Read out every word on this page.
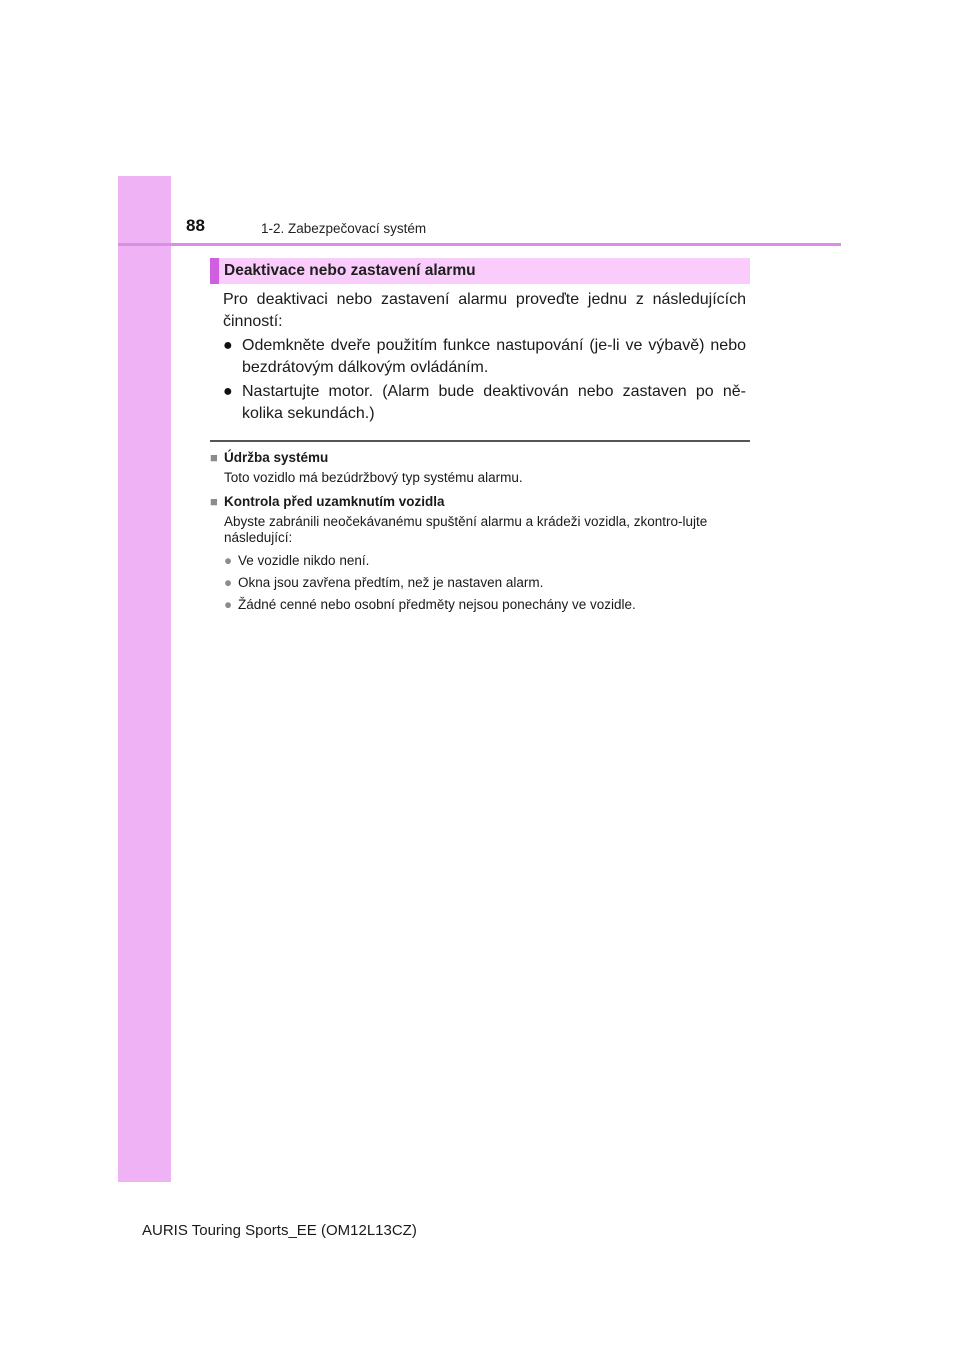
88	1-2. Zabezpečovací systém
Deaktivace nebo zastavení alarmu

Pro deaktivaci nebo zastavení alarmu proveďte jednu z následujících činností:

● Odemkněte dveře použitím funkce nastupování (je-li ve výbavě) nebo bezdrátovým dálkovým ovládáním.
● Nastartujte motor. (Alarm bude deaktivován nebo zastaven po ně-kolika sekundách.)
■ Údržba systému
Toto vozidlo má bezúdržbový typ systému alarmu.
■ Kontrola před uzamknutím vozidla
Abyste zabránili neočekávanému spuštění alarmu a krádeži vozidla, zkontro-lujte následující:
● Ve vozidle nikdo není.
● Okna jsou zavřena předtím, než je nastaven alarm.
● Žádné cenné nebo osobní předměty nejsou ponechány ve vozidle.
AURIS Touring Sports_EE (OM12L13CZ)
